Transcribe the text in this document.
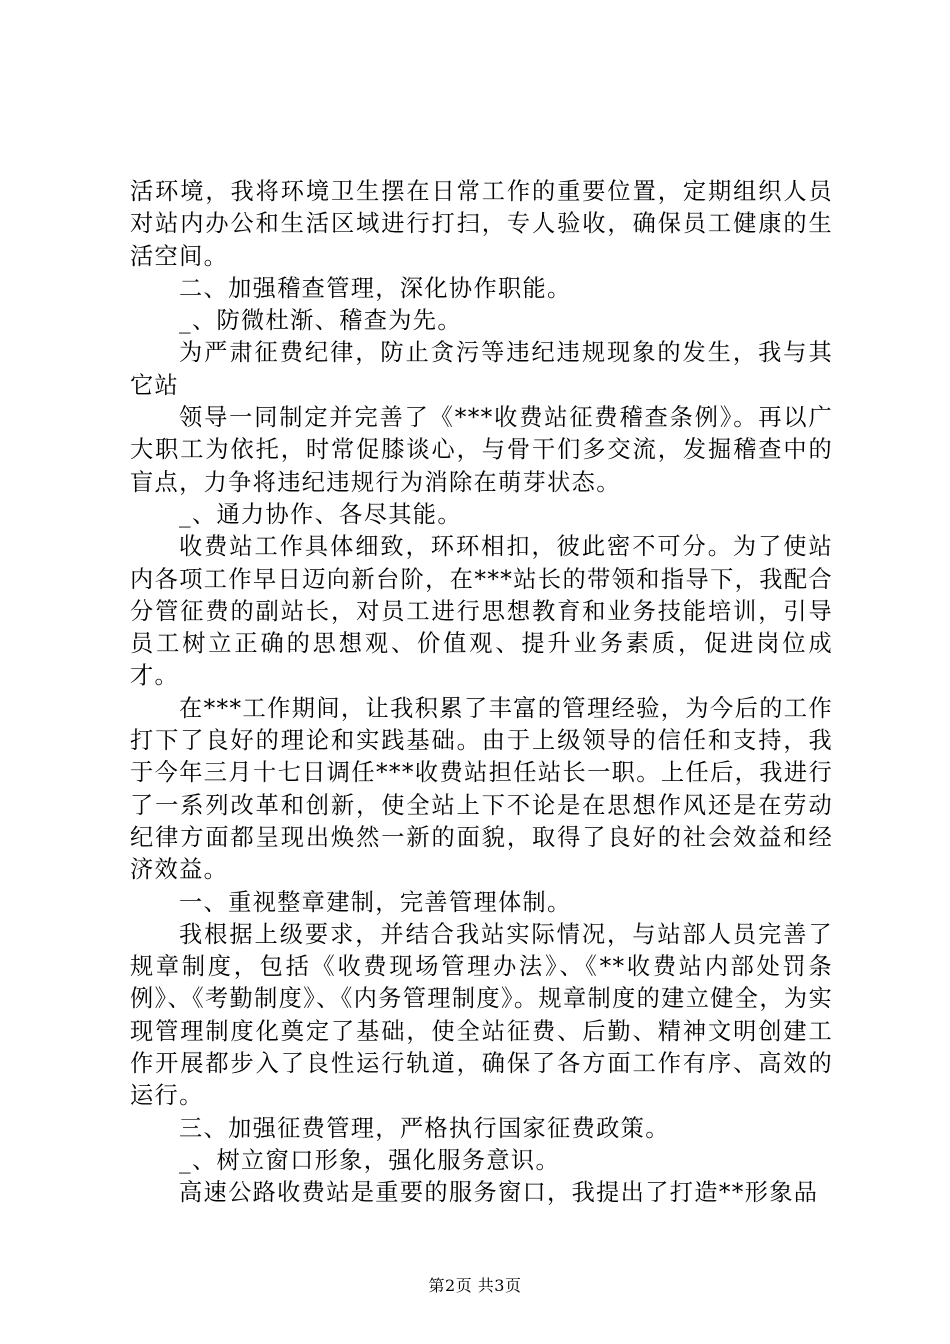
活环境，我将环境卫生摆在日常工作的重要位置，定期组织人员对站内办公和生活区域进行打扫，专人验收，确保员工健康的生活空间。

二、加强稽查管理，深化协作职能。

_、防微杜渐、稽查为先。

为严肃征费纪律，防止贪污等违纪违规现象的发生，我与其它站

领导一同制定并完善了《***收费站征费稽查条例》。再以广大职工为依托，时常促膝谈心，与骨干们多交流，发掘稽查中的盲点，力争将违纪违规行为消除在萌芽状态。

_、通力协作、各尽其能。

收费站工作具体细致，环环相扣，彼此密不可分。为了使站内各项工作早日迈向新台阶，在***站长的带领和指导下，我配合分管征费的副站长，对员工进行思想教育和业务技能培训，引导员工树立正确的思想观、价值观、提升业务素质，促进岗位成才。

在***工作期间，让我积累了丰富的管理经验，为今后的工作打下了良好的理论和实践基础。由于上级领导的信任和支持，我于今年三月十七日调任***收费站担任站长一职。上任后，我进行了一系列改革和创新，使全站上下不论是在思想作风还是在劳动纪律方面都呈现出焕然一新的面貌，取得了良好的社会效益和经济效益。

一、重视整章建制，完善管理体制。

我根据上级要求，并结合我站实际情况，与站部人员完善了规章制度，包括《收费现场管理办法》、《**收费站内部处罚条例》、《考勤制度》、《内务管理制度》。规章制度的建立健全，为实现管理制度化奠定了基础，使全站征费、后勤、精神文明创建工作开展都步入了良性运行轨道，确保了各方面工作有序、高效的运行。

三、加强征费管理，严格执行国家征费政策。

_、树立窗口形象，强化服务意识。

高速公路收费站是重要的服务窗口，我提出了打造**形象品

第2页 共3页
